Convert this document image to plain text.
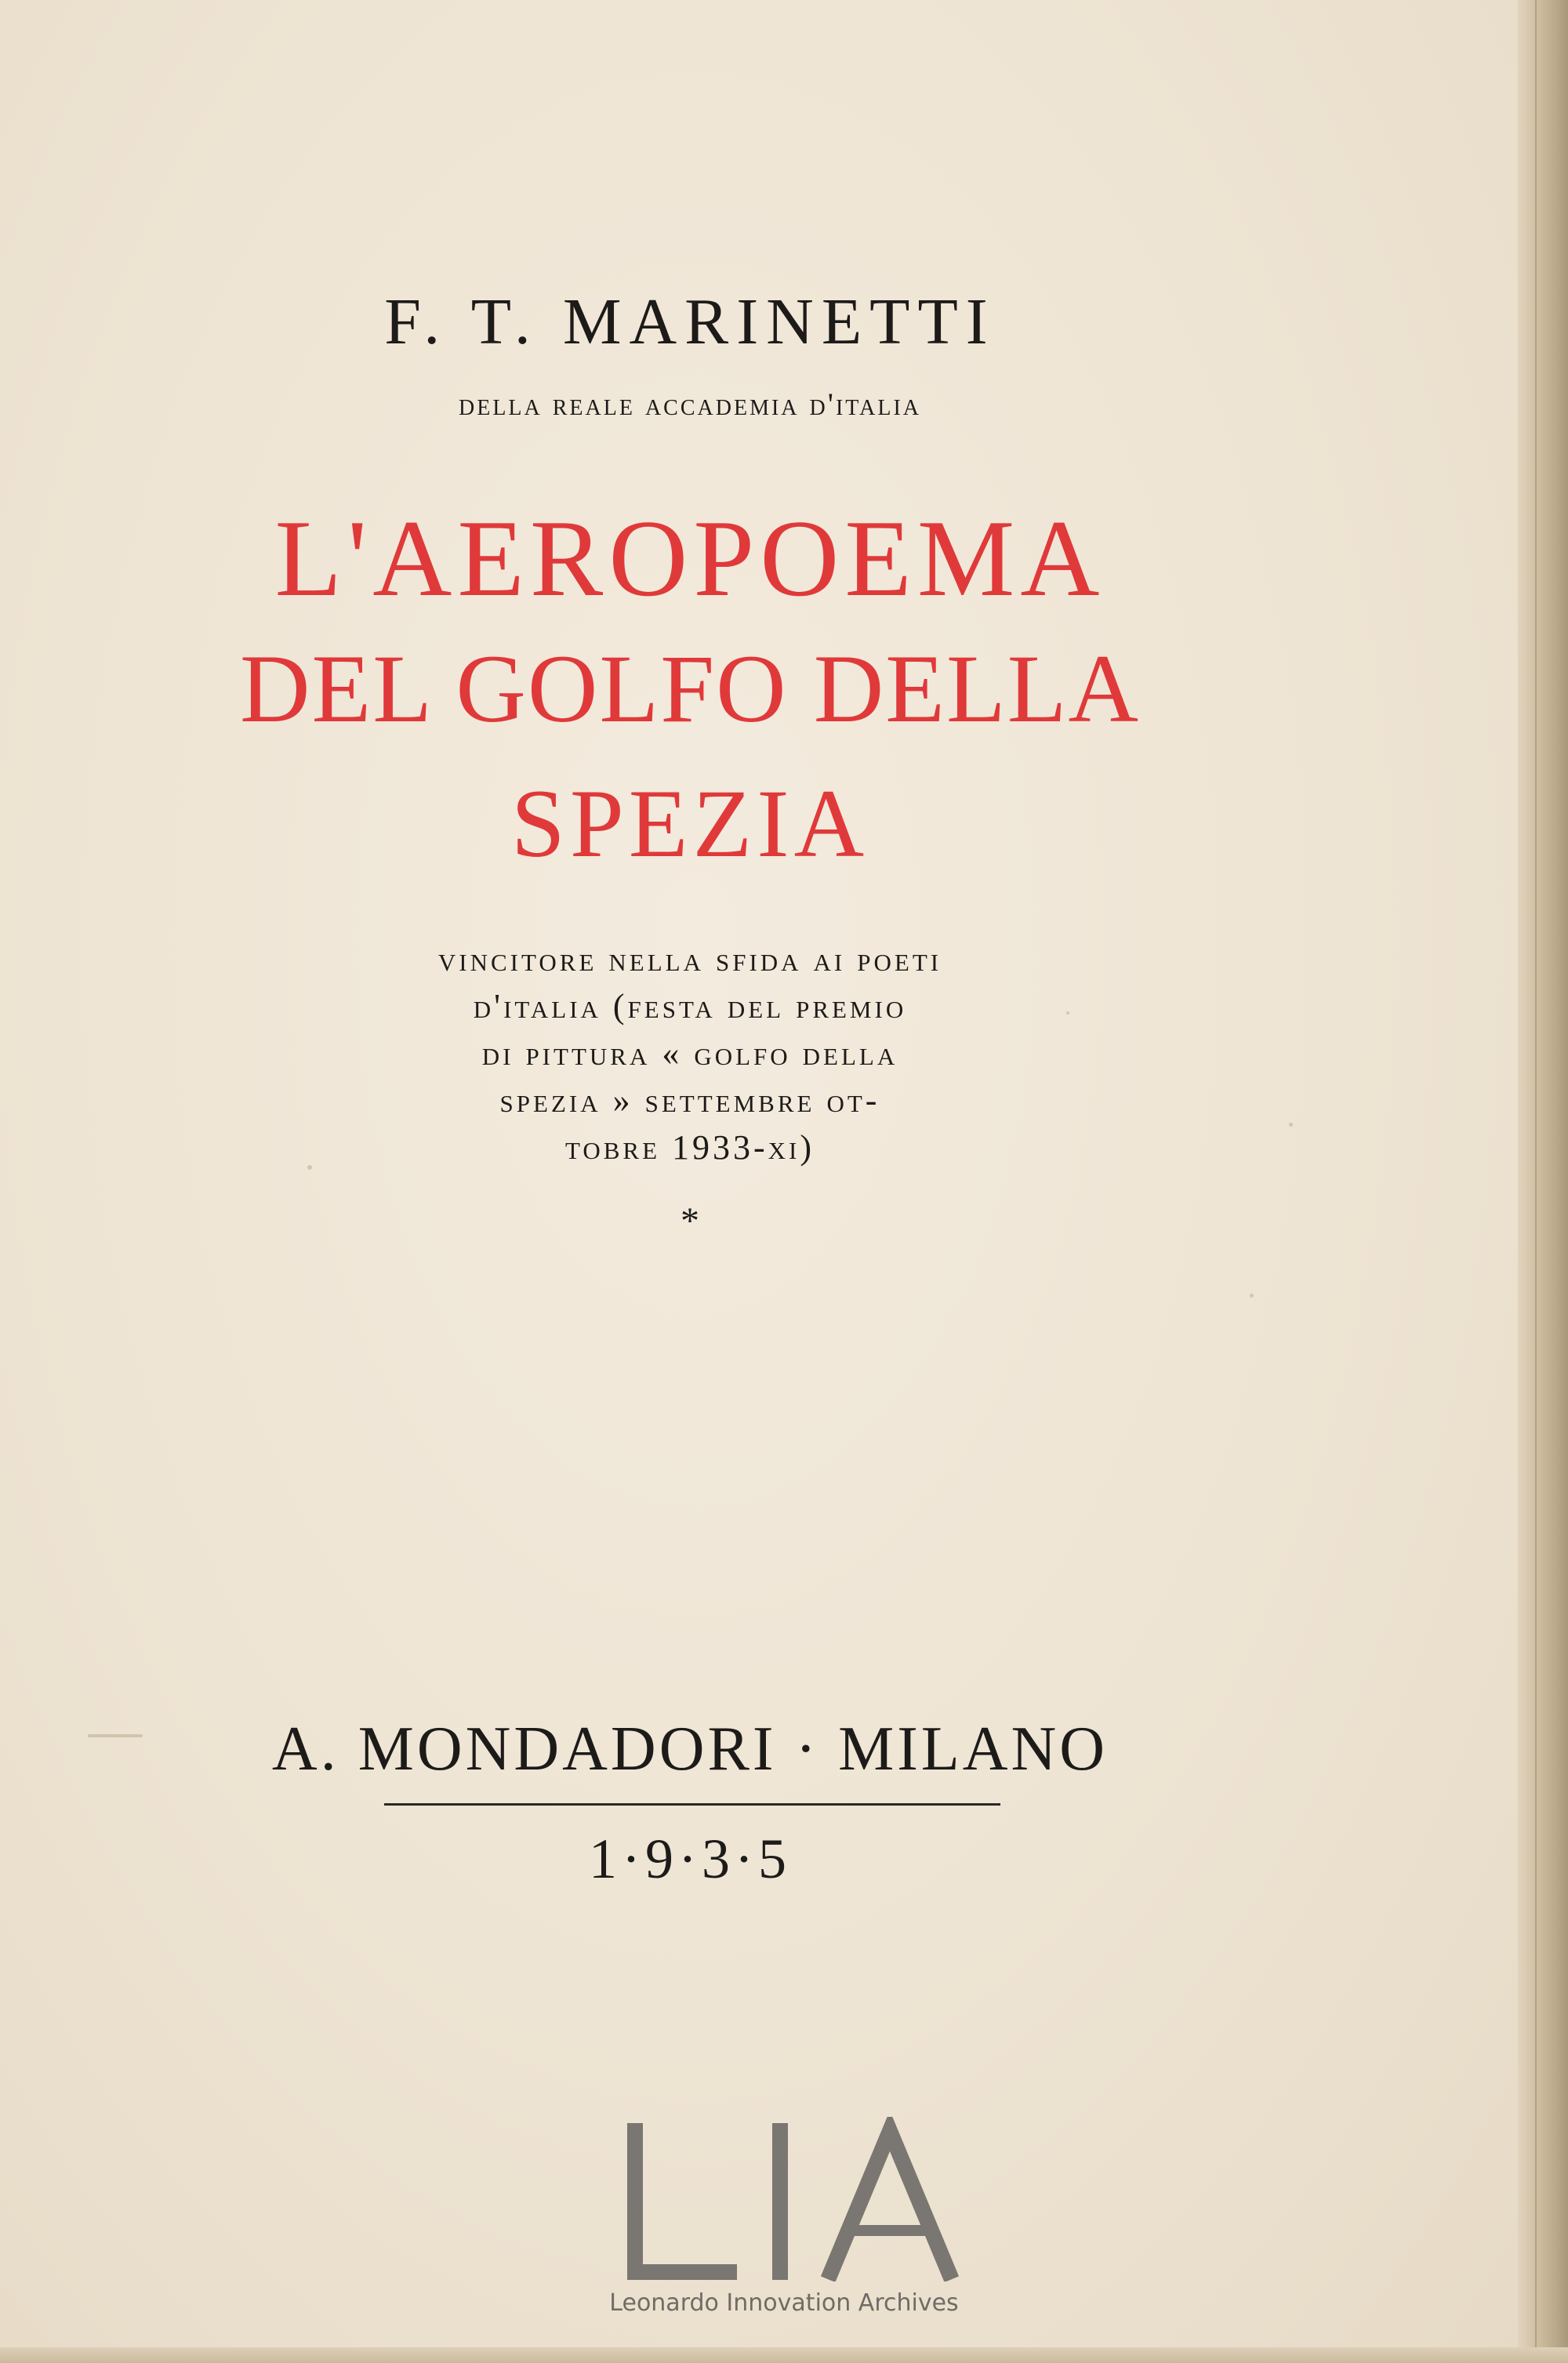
F. T. MARINETTI
della reale accademia d'italia
L'AEROPOEMA
DEL GOLFO DELLA
SPEZIA
vincitore nella sfida ai poeti
d'italia (festa del premio
di pittura « golfo della
spezia » settembre ot-
tobre 1933-xi)
*
A. MONDADORI · MILANO
1·9·3·5
Leonardo Innovation Archives
